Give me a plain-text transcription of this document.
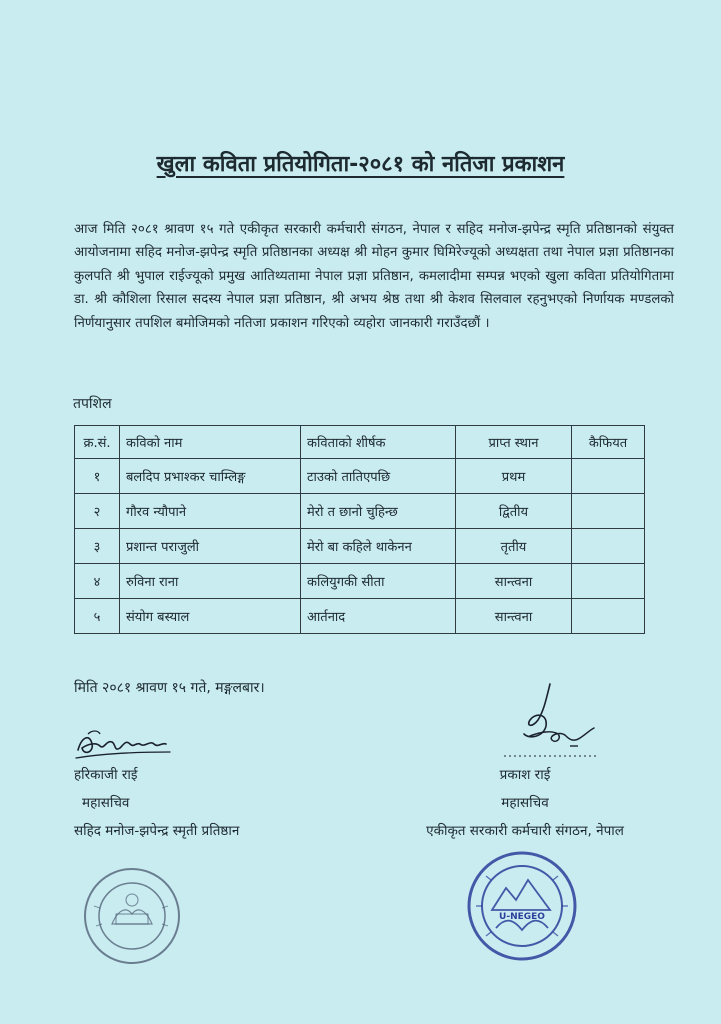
खुला कविता प्रतियोगिता-२०८१ को नतिजा प्रकाशन
आज मिति २०८१ श्रावण १५ गते एकीकृत सरकारी कर्मचारी संगठन, नेपाल र सहिद मनोज-झपेन्द्र स्मृति प्रतिष्ठानको संयुक्त आयोजनामा सहिद मनोज-झपेन्द्र स्मृति प्रतिष्ठानका अध्यक्ष श्री मोहन कुमार घिमिरेज्यूको अध्यक्षता तथा नेपाल प्रज्ञा प्रतिष्ठानका कुलपति श्री भुपाल राईज्यूको प्रमुख आतिथ्यतामा नेपाल प्रज्ञा प्रतिष्ठान, कमलादीमा सम्पन्न भएको खुला कविता प्रतियोगितामा डा. श्री कौशिला रिसाल सदस्य नेपाल प्रज्ञा प्रतिष्ठान, श्री अभय श्रेष्ठ तथा श्री केशव सिलवाल रहनुभएको निर्णायक मण्डलको निर्णयानुसार तपशिल बमोजिमको नतिजा प्रकाशन गरिएको व्यहोरा जानकारी गराउँदछौं ।
तपशिल
क्र.सं.	कविको नाम	कविताको शीर्षक	प्राप्त स्थान	कैफियत
१	बलदिप प्रभाश्कर चाम्लिङ्ग	टाउको तातिएपछि	प्रथम	
२	गौरव न्यौपाने	मेरो त छानो चुहिन्छ	द्वितीय	
३	प्रशान्त पराजुली	मेरो बा कहिले थाकेनन	तृतीय	
४	रुविना राना	कलियुगकी सीता	सान्त्वना	
५	संयोग बस्याल	आर्तनाद	सान्त्वना	
मिति २०८१ श्रावण १५ गते, मङ्गलबार।
हरिकाजी राई
महासचिव
सहिद मनोज-झपेन्द्र स्मृती प्रतिष्ठान
प्रकाश राई
महासचिव
एकीकृत सरकारी कर्मचारी संगठन, नेपाल
U-NEGEO
